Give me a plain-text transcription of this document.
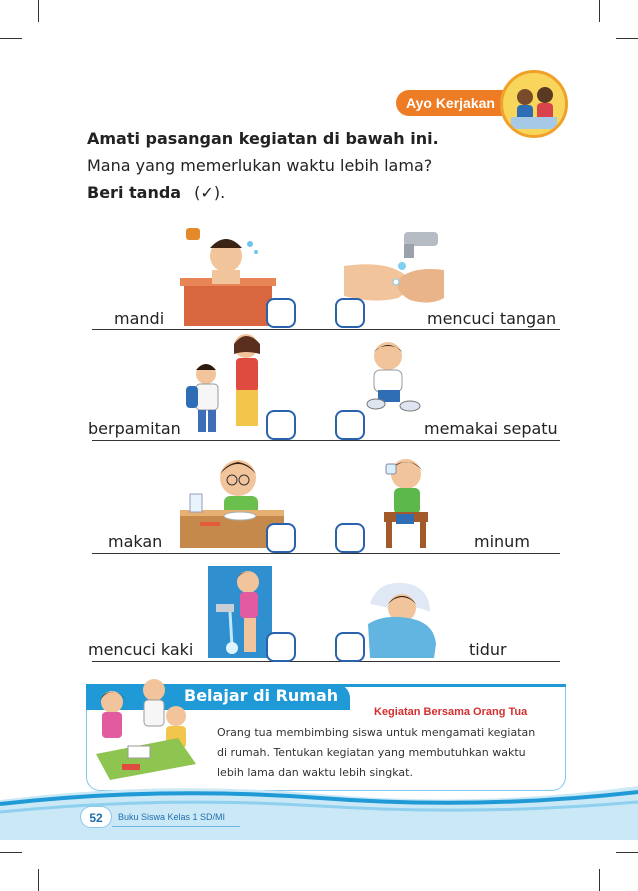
Ayo Kerjakan
Amati pasangan kegiatan di bawah ini.
Mana yang memerlukan waktu lebih lama?
Beri tanda (✓).
mandi	mencuci tangan
berpamitan	memakai sepatu
makan	minum
mencuci kaki	tidur
Belajar di Rumah
Kegiatan Bersama Orang Tua
Orang tua membimbing siswa untuk mengamati kegiatan
di rumah. Tentukan kegiatan yang membutuhkan waktu
lebih lama dan waktu lebih singkat.
52	Buku Siswa Kelas 1 SD/MI
